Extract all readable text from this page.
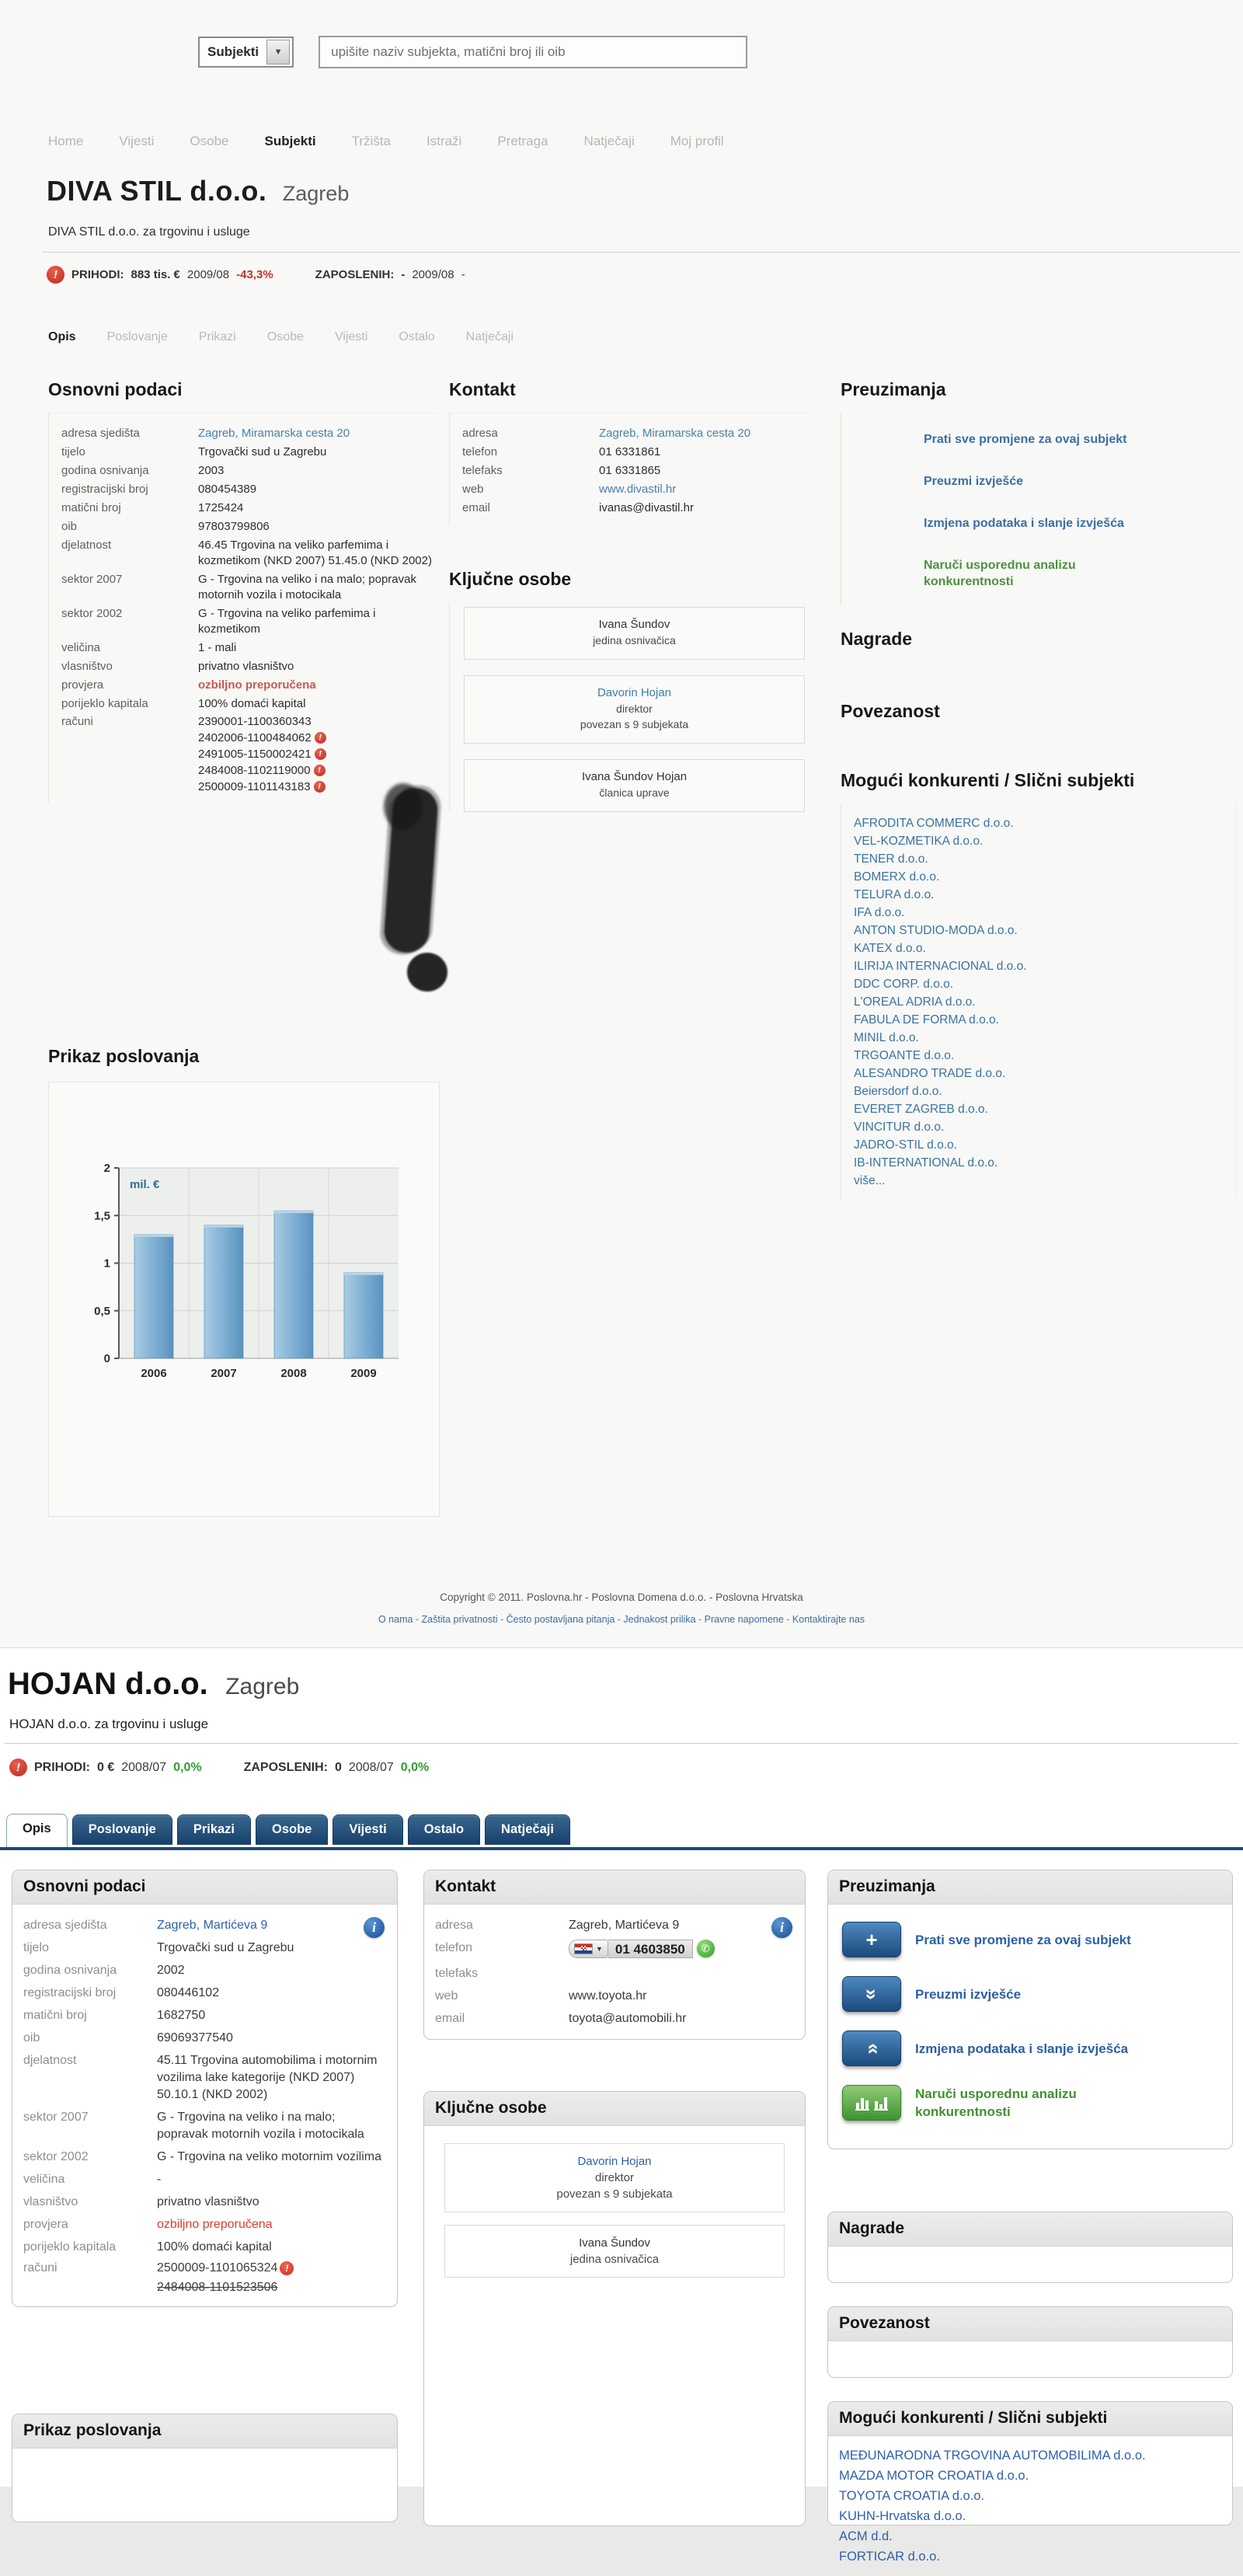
Subjekti	▼
upišite naziv subjekta, matični broj ili oib
Home	Vijesti	Osobe	Subjekti	Tržišta	Istraži	Pretraga	Natječaji	Moj profil
DIVA STIL d.o.o. Zagreb
DIVA STIL d.o.o. za trgovinu i usluge
!	PRIHODI: 883 tis. € 2009/08 -43,3%	ZAPOSLENIH: - 2009/08 -
Opis	Poslovanje	Prikazi	Osobe	Vijesti	Ostalo	Natječaji
Osnovni podaci
adresa sjedišta	Zagreb, Miramarska cesta 20
tijelo	Trgovački sud u Zagrebu
godina osnivanja	2003
registracijski broj	080454389
matični broj	1725424
oib	97803799806
djelatnost	46.45 Trgovina na veliko parfemima i kozmetikom (NKD 2007) 51.45.0 (NKD 2002)
sektor 2007	G - Trgovina na veliko i na malo; popravak motornih vozila i motocikala
sektor 2002	G - Trgovina na veliko parfemima i kozmetikom
veličina	1 - mali
vlasništvo	privatno vlasništvo
provjera	ozbiljno preporučena
porijeklo kapitala	100% domaći kapital
računi	2390001-1100360343
2402006-1100484062 !
2491005-1150002421 !
2484008-1102119000 !
2500009-1101143183 !
Kontakt
adresa	Zagreb, Miramarska cesta 20
telefon	01 6331861
telefaks	01 6331865
web	www.divastil.hr
email	ivanas@divastil.hr
Ključne osobe
Ivana Šundov
jedina osnivačica
Davorin Hojan
direktor
povezan s 9 subjekata
Ivana Šundov Hojan
članica uprave
Preuzimanja
Prati sve promjene za ovaj subjekt
Preuzmi izvješće
Izmjena podataka i slanje izvješća
Naruči usporednu analizu konkurentnosti
Nagrade
Povezanost
Mogući konkurenti / Slični subjekti
AFRODITA COMMERC d.o.o.
VEL-KOZMETIKA d.o.o.
TENER d.o.o.
BOMERX d.o.o.
TELURA d.o.o.
IFA d.o.o.
ANTON STUDIO-MODA d.o.o.
KATEX d.o.o.
ILIRIJA INTERNACIONAL d.o.o.
DDC CORP. d.o.o.
L'OREAL ADRIA d.o.o.
FABULA DE FORMA d.o.o.
MINIL d.o.o.
TRGOANTE d.o.o.
ALESANDRO TRADE d.o.o.
Beiersdorf d.o.o.
EVERET ZAGREB d.o.o.
VINCITUR d.o.o.
JADRO-STIL d.o.o.
IB-INTERNATIONAL d.o.o.
više...
Prikaz poslovanja
0
0,5
1
1,5
2
2006	2007	2008	2009
mil. €
Copyright © 2011. Poslovna.hr - Poslovna Domena d.o.o. - Poslovna Hrvatska
O nama - Zaštita privatnosti - Često postavljana pitanja - Jednakost prilika - Pravne napomene - Kontaktirajte nas
HOJAN d.o.o. Zagreb
HOJAN d.o.o. za trgovinu i usluge
!	PRIHODI: 0 € 2008/07 0,0%	ZAPOSLENIH: 0 2008/07 0,0%
Opis	Poslovanje	Prikazi	Osobe	Vijesti	Ostalo	Natječaji
Osnovni podaci
i
adresa sjedišta	Zagreb, Martićeva 9
tijelo	Trgovački sud u Zagrebu
godina osnivanja	2002
registracijski broj	080446102
matični broj	1682750
oib	69069377540
djelatnost	45.11 Trgovina automobilima i motornim vozilima lake kategorije (NKD 2007) 50.10.1 (NKD 2002)
sektor 2007	G - Trgovina na veliko i na malo; popravak motornih vozila i motocikala
sektor 2002	G - Trgovina na veliko motornim vozilima
veličina	-
vlasništvo	privatno vlasništvo
provjera	ozbiljno preporučena
porijeklo kapitala	100% domaći kapital
računi	2500009-1101065324 !
2484008-1101523506
Prikaz poslovanja
Kontakt
i
adresa	Zagreb, Martićeva 9
telefon	▼ 01 4603850	✆
telefaks
web	www.toyota.hr
email	toyota@automobili.hr
Ključne osobe
Davorin Hojan
direktor
povezan s 9 subjekata
Ivana Šundov
jedina osnivačica
Preuzimanja
+	Prati sve promjene za ovaj subjekt
» Preuzmi izvješće
» Izmjena podataka i slanje izvješća
Naruči usporednu analizu konkurentnosti
Nagrade
Povezanost
Mogući konkurenti / Slični subjekti
MEĐUNARODNA TRGOVINA AUTOMOBILIMA d.o.o.
MAZDA MOTOR CROATIA d.o.o.
TOYOTA CROATIA d.o.o.
KUHN-Hrvatska d.o.o.
ACM d.d.
FORTICAR d.o.o.
